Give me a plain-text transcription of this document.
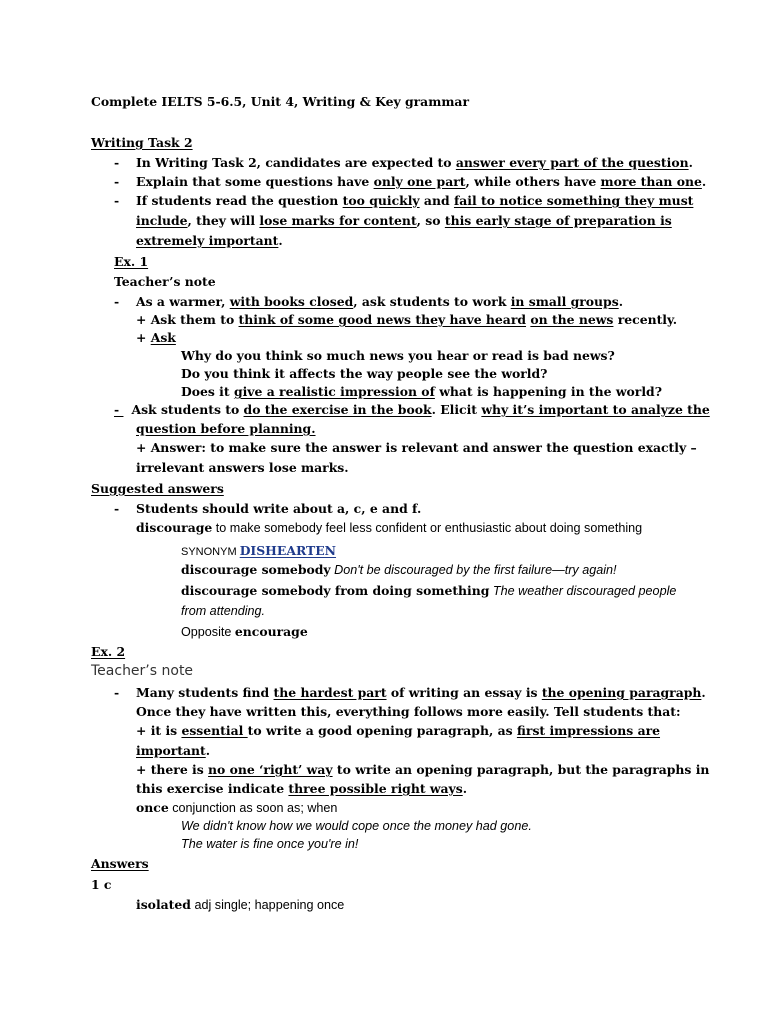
Complete IELTS 5-6.5, Unit 4, Writing & Key grammar
Writing Task 2
- In Writing Task 2, candidates are expected to answer every part of the question.
- Explain that some questions have only one part, while others have more than one.
- If students read the question too quickly and fail to notice something they must
include, they will lose marks for content, so this early stage of preparation is
extremely important.
Ex. 1
Teacher’s note
- As a warmer, with books closed, ask students to work in small groups.
+ Ask them to think of some good news they have heard on the news recently.
+ Ask
Why do you think so much news you hear or read is bad news?
Do you think it affects the way people see the world?
Does it give a realistic impression of what is happening in the world?
- Ask students to do the exercise in the book. Elicit why it’s important to analyze the
question before planning.
+ Answer: to make sure the answer is relevant and answer the question exactly –
irrelevant answers lose marks.
Suggested answers
- Students should write about a, c, e and f.
discourage to make somebody feel less confident or enthusiastic about doing something
SYNONYM DISHEARTEN
discourage somebody Don't be discouraged by the first failure—try again!
discourage somebody from doing something The weather discouraged people
from attending.
Opposite encourage
Ex. 2
Teacher’s note
- Many students find the hardest part of writing an essay is the opening paragraph.
Once they have written this, everything follows more easily. Tell students that:
+ it is essential to write a good opening paragraph, as first impressions are
important.
+ there is no one ‘right’ way to write an opening paragraph, but the paragraphs in
this exercise indicate three possible right ways.
once conjunction as soon as; when
We didn't know how we would cope once the money had gone.
The water is fine once you're in!
Answers
1 c
isolated adj single; happening once
